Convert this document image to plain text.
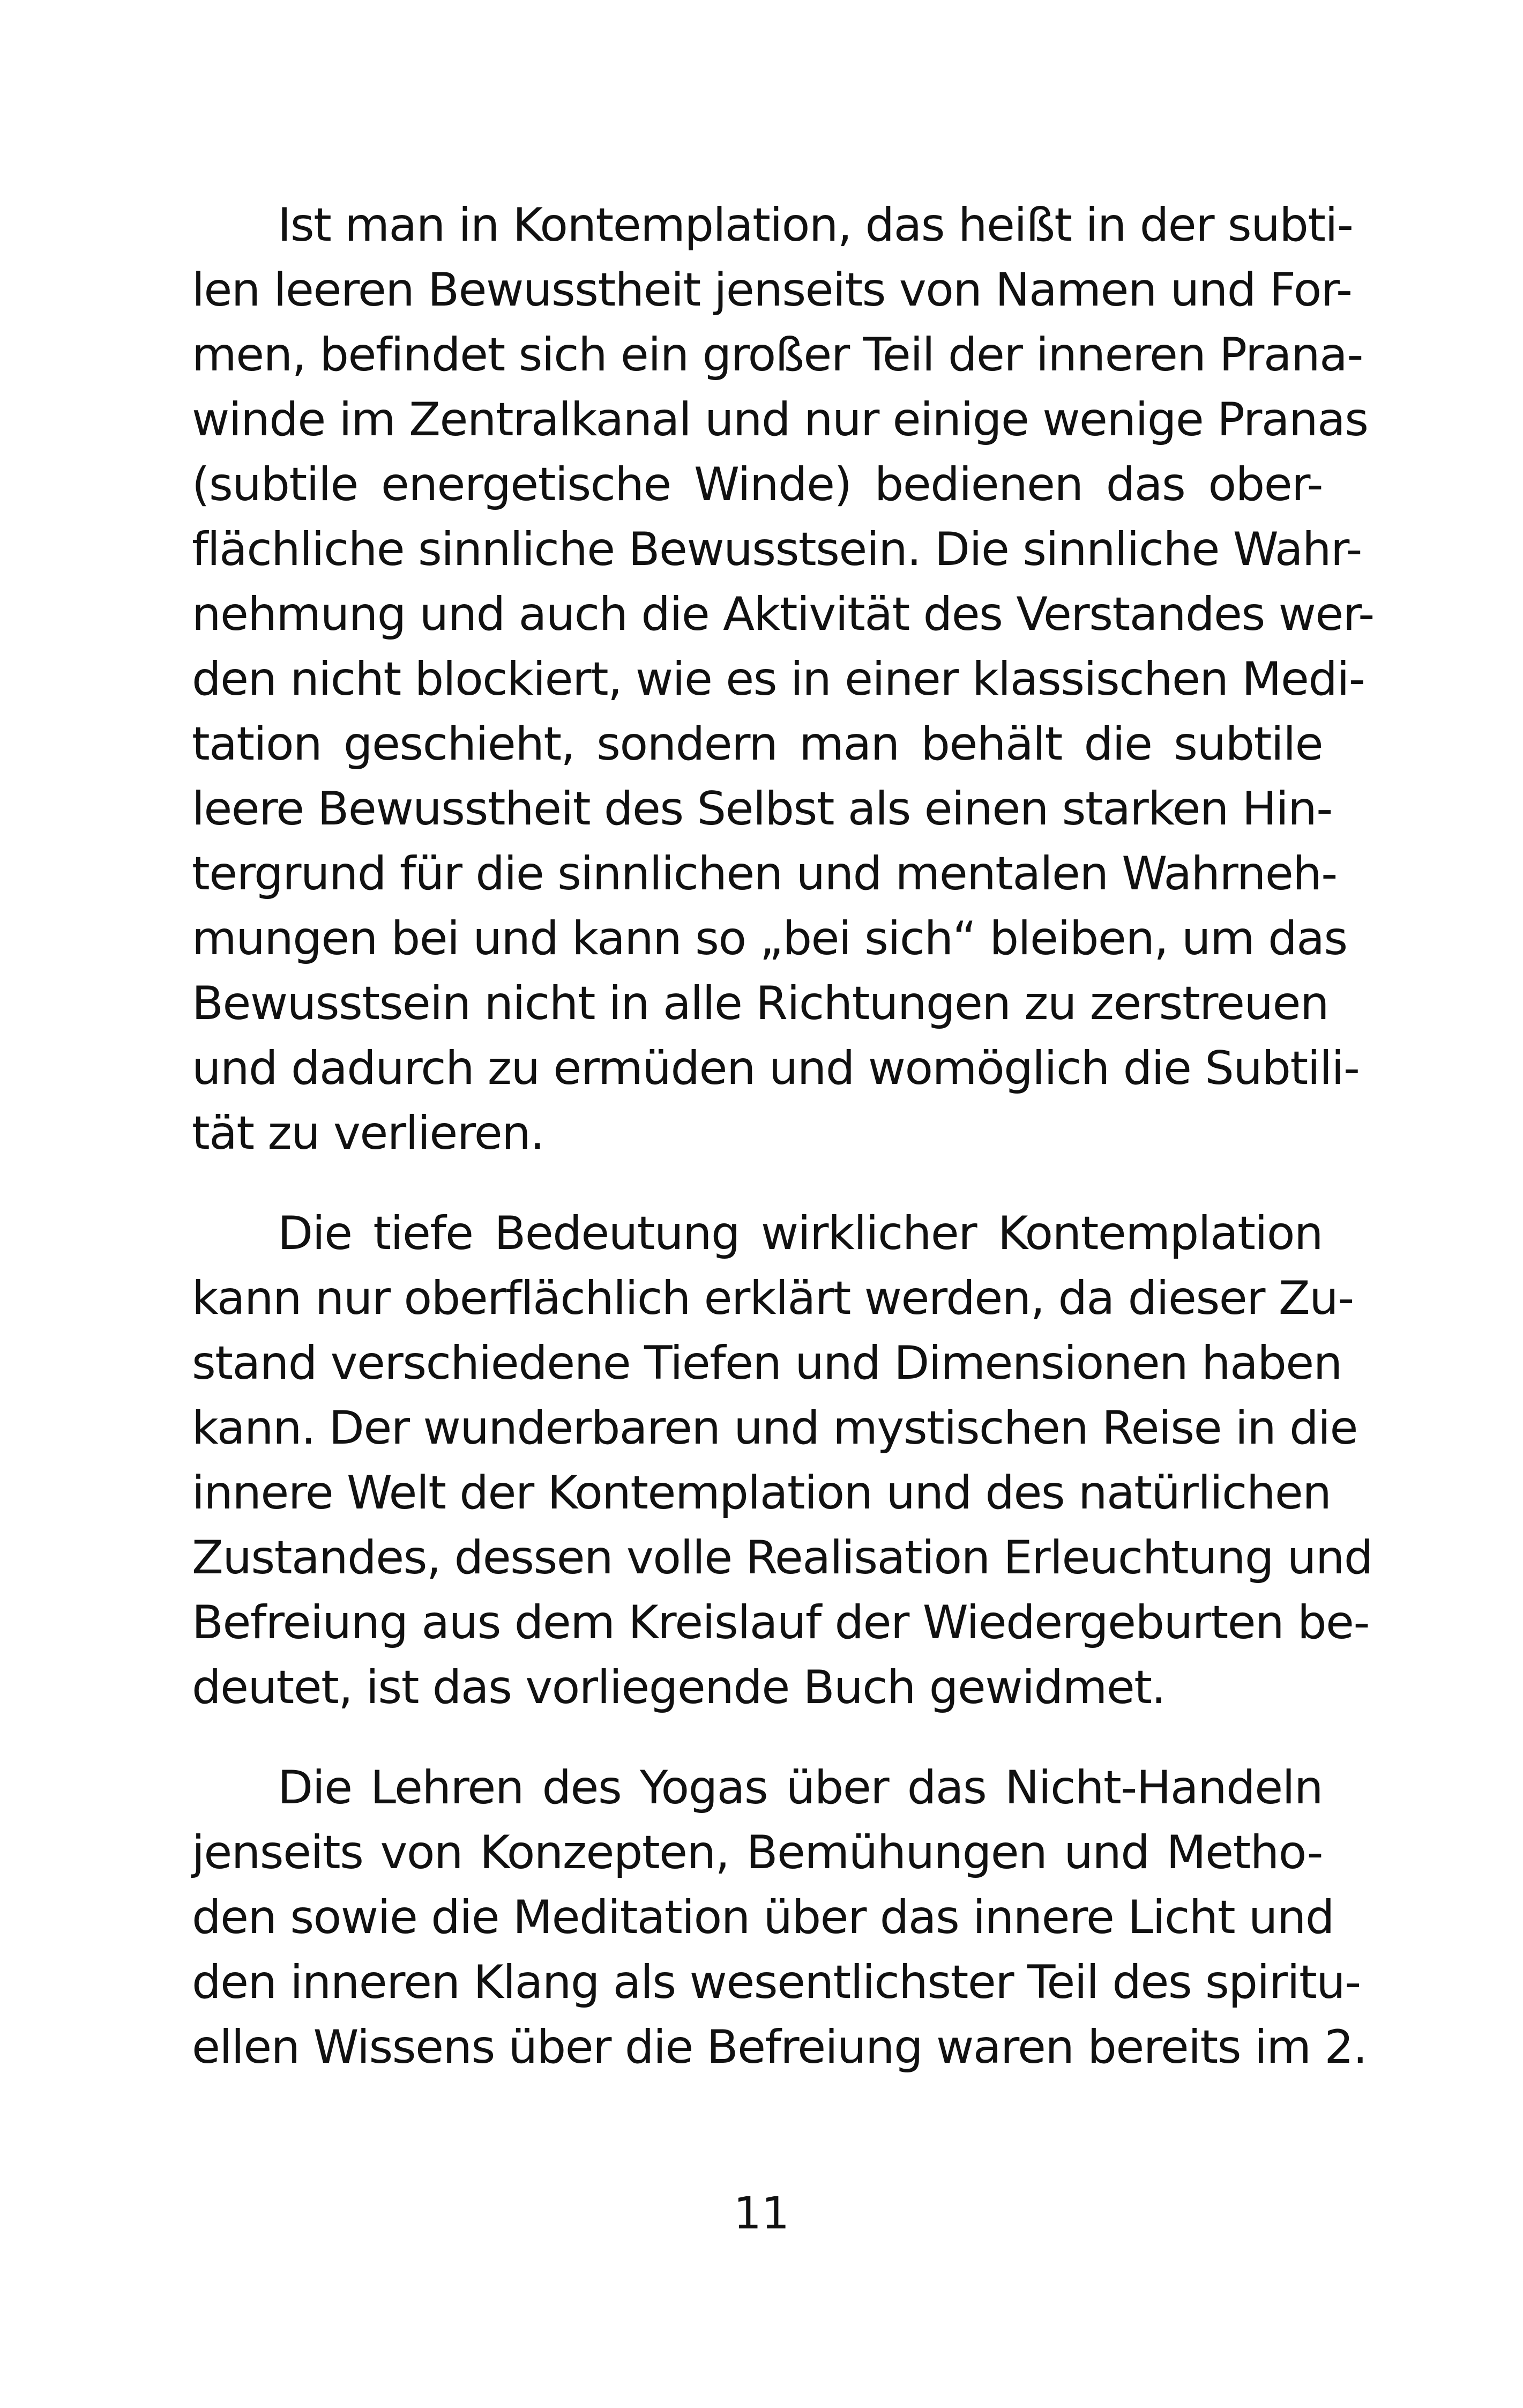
Ist man in Kontemplation, das heißt in der subti-
len leeren Bewusstheit jenseits von Namen und For-
men, befindet sich ein großer Teil der inneren Prana-
winde im Zentralkanal und nur einige wenige Pranas
(subtile energetische Winde) bedienen das ober-
flächliche sinnliche Bewusstsein. Die sinnliche Wahr-
nehmung und auch die Aktivität des Verstandes wer-
den nicht blockiert, wie es in einer klassischen Medi-
tation geschieht, sondern man behält die subtile
leere Bewusstheit des Selbst als einen starken Hin-
tergrund für die sinnlichen und mentalen Wahrneh-
mungen bei und kann so „bei sich“ bleiben, um das
Bewusstsein nicht in alle Richtungen zu zerstreuen
und dadurch zu ermüden und womöglich die Subtili-
tät zu verlieren.
Die tiefe Bedeutung wirklicher Kontemplation
kann nur oberflächlich erklärt werden, da dieser Zu-
stand verschiedene Tiefen und Dimensionen haben
kann. Der wunderbaren und mystischen Reise in die
innere Welt der Kontemplation und des natürlichen
Zustandes, dessen volle Realisation Erleuchtung und
Befreiung aus dem Kreislauf der Wiedergeburten be-
deutet, ist das vorliegende Buch gewidmet.
Die Lehren des Yogas über das Nicht-Handeln
jenseits von Konzepten, Bemühungen und Metho-
den sowie die Meditation über das innere Licht und
den inneren Klang als wesentlichster Teil des spiritu-
ellen Wissens über die Befreiung waren bereits im 2.
11
